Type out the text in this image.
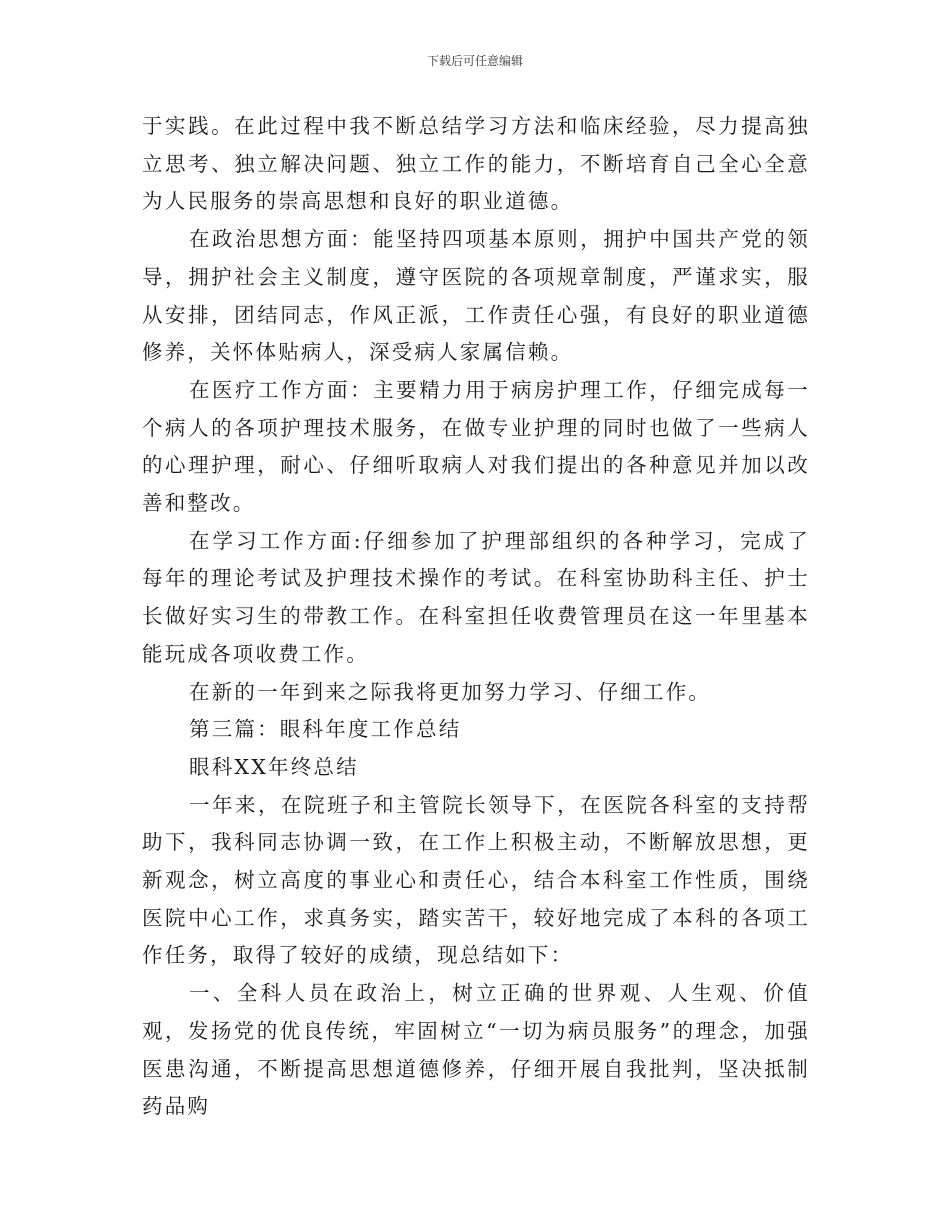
下载后可任意编辑

于实践。在此过程中我不断总结学习方法和临床经验，尽力提高独立思考、独立解决问题、独立工作的能力，不断培育自己全心全意为人民服务的崇高思想和良好的职业道德。

在政治思想方面：能坚持四项基本原则，拥护中国共产党的领导，拥护社会主义制度，遵守医院的各项规章制度，严谨求实，服从安排，团结同志，作风正派，工作责任心强，有良好的职业道德修养，关怀体贴病人，深受病人家属信赖。

在医疗工作方面：主要精力用于病房护理工作，仔细完成每一个病人的各项护理技术服务，在做专业护理的同时也做了一些病人的心理护理，耐心、仔细听取病人对我们提出的各种意见并加以改善和整改。

在学习工作方面:仔细参加了护理部组织的各种学习，完成了每年的理论考试及护理技术操作的考试。在科室协助科主任、护士长做好实习生的带教工作。在科室担任收费管理员在这一年里基本能玩成各项收费工作。

在新的一年到来之际我将更加努力学习、仔细工作。

第三篇：眼科年度工作总结

眼科XX年终总结

一年来，在院班子和主管院长领导下，在医院各科室的支持帮助下，我科同志协调一致，在工作上积极主动，不断解放思想，更新观念，树立高度的事业心和责任心，结合本科室工作性质，围绕医院中心工作，求真务实，踏实苦干，较好地完成了本科的各项工作任务，取得了较好的成绩，现总结如下：

一、全科人员在政治上，树立正确的世界观、人生观、价值观，发扬党的优良传统，牢固树立“一切为病员服务”的理念，加强医患沟通，不断提高思想道德修养，仔细开展自我批判，坚决抵制药品购
